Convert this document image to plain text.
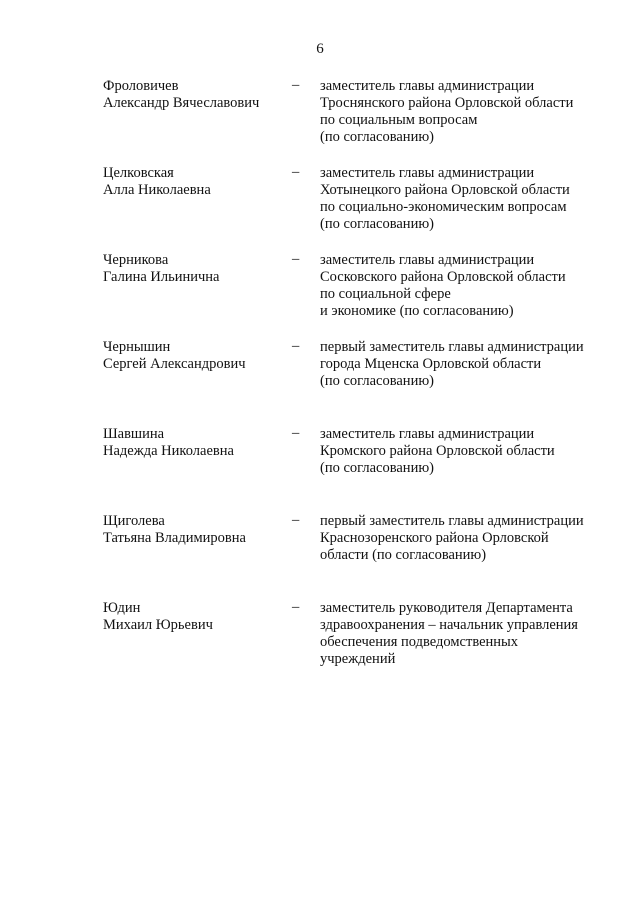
6
Фроловичев
Александр Вячеславович
– заместитель главы администрации
Троснянского района Орловской области
по социальным вопросам
(по согласованию)
Целковская
Алла Николаевна
– заместитель главы администрации
Хотынецкого района Орловской области
по социально-экономическим вопросам
(по согласованию)
Черникова
Галина Ильинична
– заместитель главы администрации
Сосковского района Орловской области
по социальной сфере
и экономике (по согласованию)
Чернышин
Сергей Александрович
– первый заместитель главы администрации
города Мценска Орловской области
(по согласованию)
Шавшина
Надежда Николаевна
– заместитель главы администрации
Кромского района Орловской области
(по согласованию)
Щиголева
Татьяна Владимировна
– первый заместитель главы администрации
Краснозоренского района Орловской
области (по согласованию)
Юдин
Михаил Юрьевич
– заместитель руководителя Департамента
здравоохранения – начальник управления
обеспечения подведомственных
учреждений
